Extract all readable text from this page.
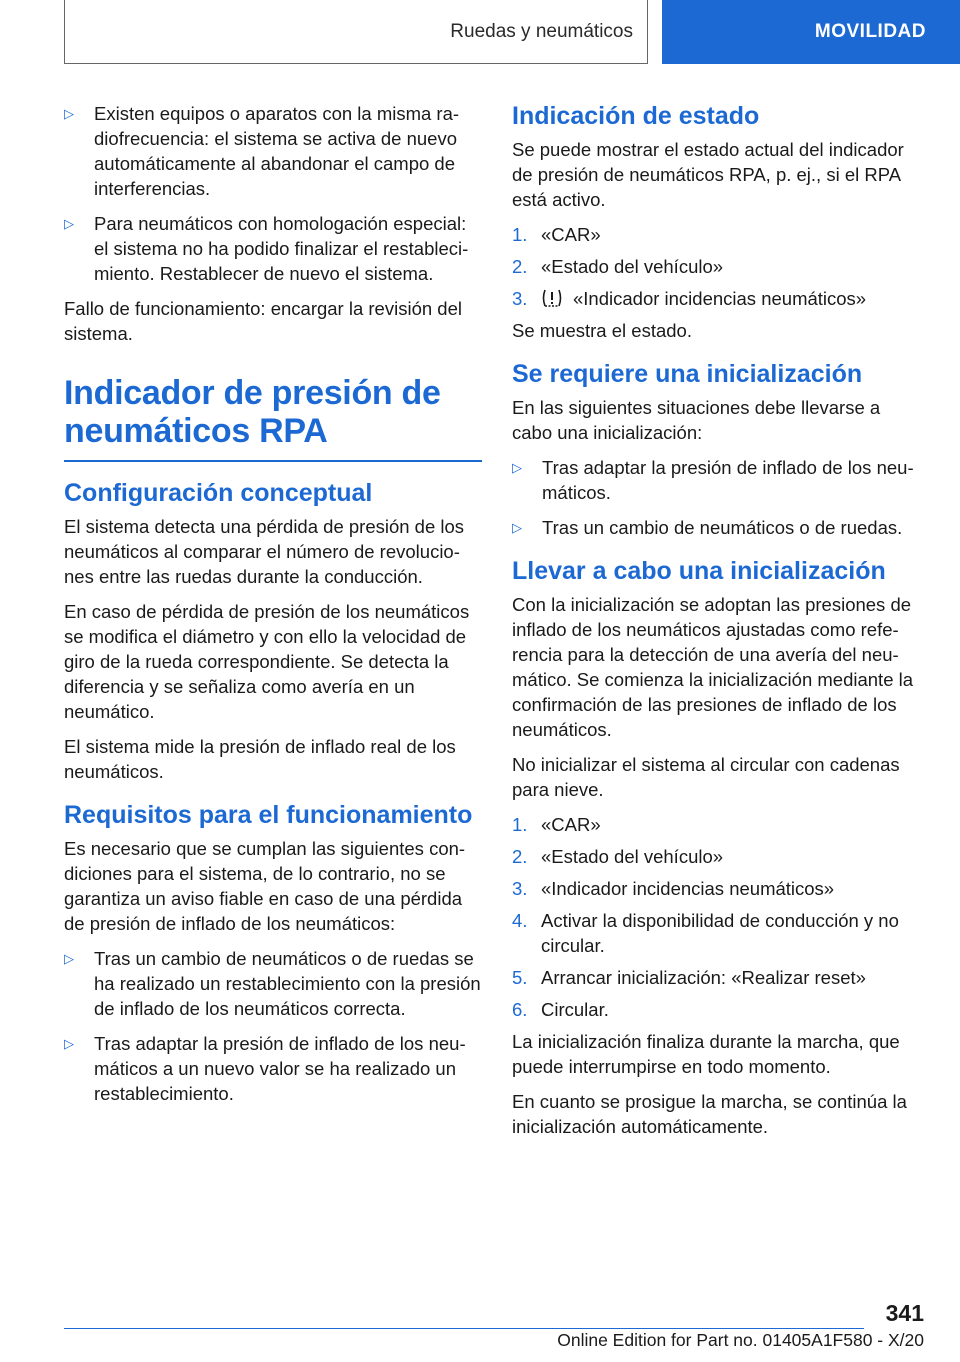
Ruedas y neumáticos	MOVILIDAD
▷	Existen equipos o aparatos con la misma radiofrecuencia: el sistema se activa de nuevo automáticamente al abandonar el campo de interferencias.
▷	Para neumáticos con homologación especial: el sistema no ha podido finalizar el restablecimiento. Restablecer de nuevo el sistema.

Fallo de funcionamiento: encargar la revisión del sistema.

Indicador de presión de neumáticos RPA
Configuración conceptual

El sistema detecta una pérdida de presión de los neumáticos al comparar el número de revoluciones entre las ruedas durante la conducción.

En caso de pérdida de presión de los neumáticos se modifica el diámetro y con ello la velocidad de giro de la rueda correspondiente. Se detecta la diferencia y se señaliza como avería en un neumático.

El sistema mide la presión de inflado real de los neumáticos.

Requisitos para el funcionamiento

Es necesario que se cumplan las siguientes condiciones para el sistema, de lo contrario, no se garantiza un aviso fiable en caso de una pérdida de presión de inflado de los neumáticos:

▷	Tras un cambio de neumáticos o de ruedas se ha realizado un restablecimiento con la presión de inflado de los neumáticos correcta.
▷	Tras adaptar la presión de inflado de los neumáticos a un nuevo valor se ha realizado un restablecimiento.
Indicación de estado

Se puede mostrar el estado actual del indicador de presión de neumáticos RPA, p. ej., si el RPA está activo.

1. «CAR»
2. «Estado del vehículo»
3.	«Indicador incidencias neumáticos»

Se muestra el estado.

Se requiere una inicialización

En las siguientes situaciones debe llevarse a cabo una inicialización:

▷	Tras adaptar la presión de inflado de los neumáticos.
▷	Tras un cambio de neumáticos o de ruedas.
Llevar a cabo una inicialización

Con la inicialización se adoptan las presiones de inflado de los neumáticos ajustadas como referencia para la detección de una avería del neumático. Se comienza la inicialización mediante la confirmación de las presiones de inflado de los neumáticos.

No inicializar el sistema al circular con cadenas para nieve.

1. «CAR»
2. «Estado del vehículo»
3. «Indicador incidencias neumáticos»
4. Activar la disponibilidad de conducción y no circular.
5. Arrancar inicialización: «Realizar reset»
6. Circular.

La inicialización finaliza durante la marcha, que puede interrumpirse en todo momento.

En cuanto se prosigue la marcha, se continúa la inicialización automáticamente.

341
Online Edition for Part no. 01405A1F580 - X/20
